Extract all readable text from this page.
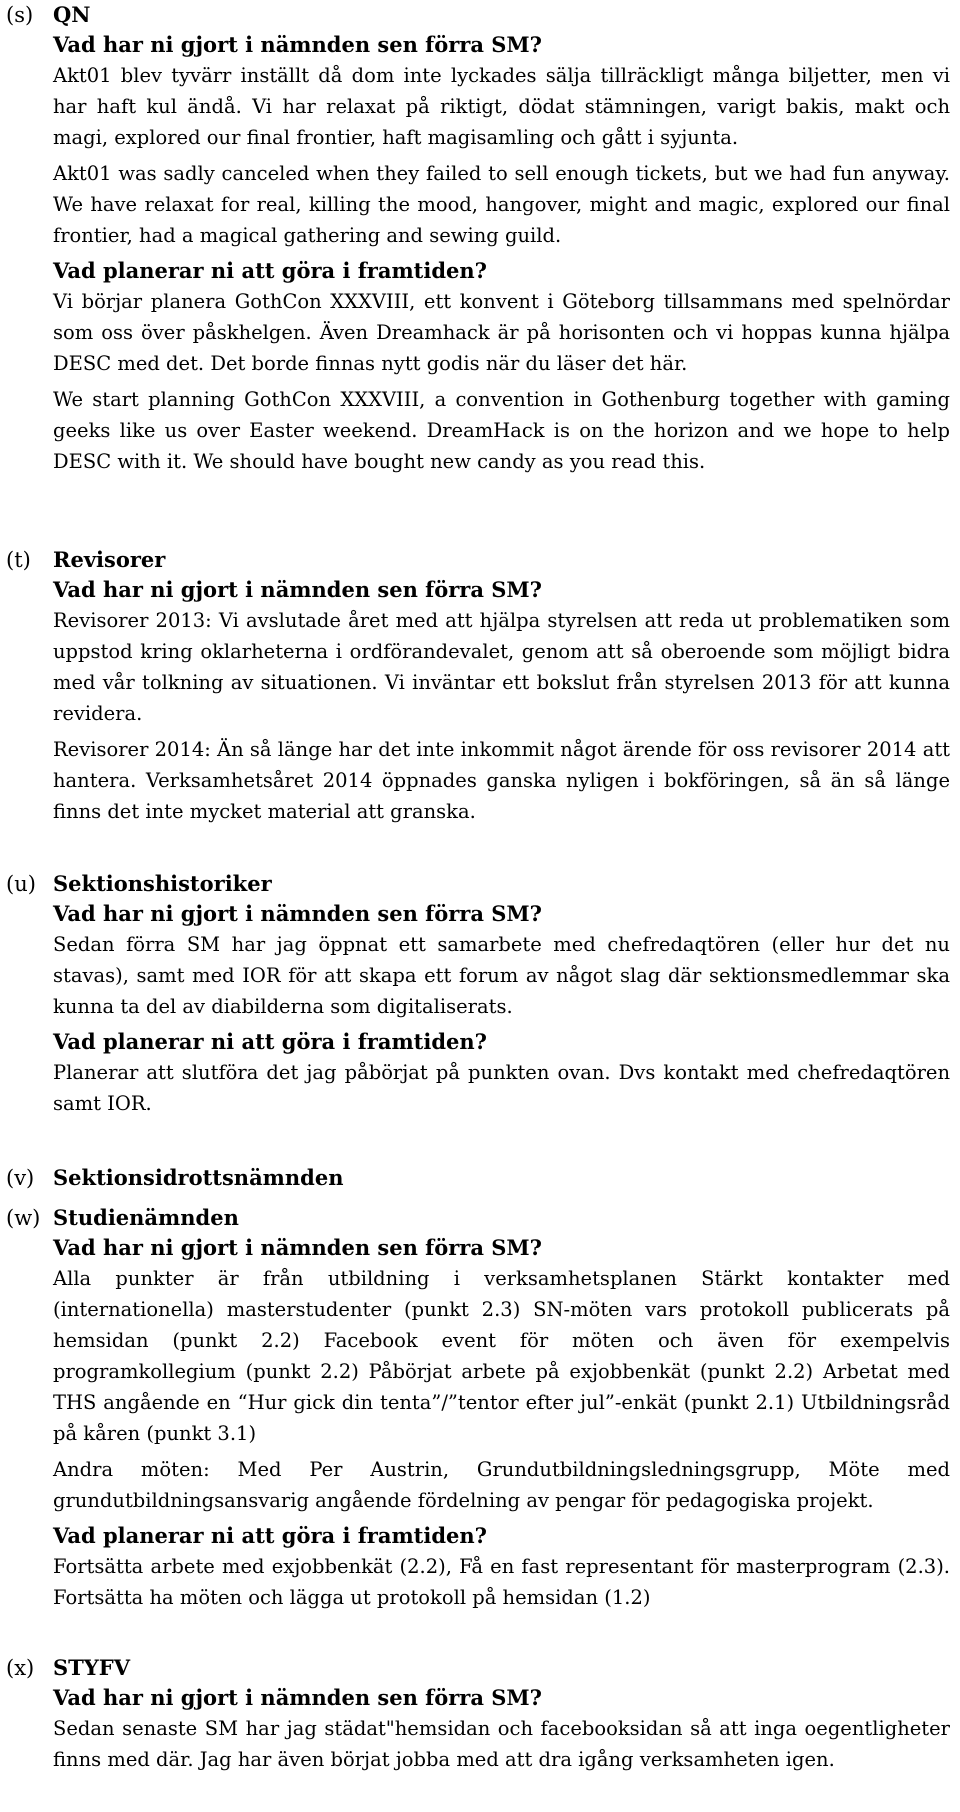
(s) QN

Vad har ni gjort i nämnden sen förra SM?

Akt01 blev tyvärr inställt då dom inte lyckades sälja tillräckligt många biljetter, men vi har haft kul ändå. Vi har relaxat på riktigt, dödat stämningen, varigt bakis, makt och magi, explored our final frontier, haft magisamling och gått i syjunta.

Akt01 was sadly canceled when they failed to sell enough tickets, but we had fun anyway. We have relaxat for real, killing the mood, hangover, might and magic, explored our final frontier, had a magical gathering and sewing guild.

Vad planerar ni att göra i framtiden?

Vi börjar planera GothCon XXXVIII, ett konvent i Göteborg tillsammans med spelnördar som oss över påskhelgen. Även Dreamhack är på horisonten och vi hoppas kunna hjälpa DESC med det. Det borde finnas nytt godis när du läser det här.

We start planning GothCon XXXVIII, a convention in Gothenburg together with gaming geeks like us over Easter weekend. DreamHack is on the horizon and we hope to help DESC with it. We should have bought new candy as you read this.

(t) Revisorer

Vad har ni gjort i nämnden sen förra SM?

Revisorer 2013: Vi avslutade året med att hjälpa styrelsen att reda ut problematiken som uppstod kring oklarheterna i ordförandevalet, genom att så oberoende som möjligt bidra med vår tolkning av situationen. Vi inväntar ett bokslut från styrelsen 2013 för att kunna revidera.

Revisorer 2014: Än så länge har det inte inkommit något ärende för oss revisorer 2014 att hantera. Verksamhetsåret 2014 öppnades ganska nyligen i bokföringen, så än så länge finns det inte mycket material att granska.

(u) Sektionshistoriker

Vad har ni gjort i nämnden sen förra SM?

Sedan förra SM har jag öppnat ett samarbete med chefredaqtören (eller hur det nu stavas), samt med IOR för att skapa ett forum av något slag där sektionsmedlemmar ska kunna ta del av diabilderna som digitaliserats.

Vad planerar ni att göra i framtiden?

Planerar att slutföra det jag påbörjat på punkten ovan. Dvs kontakt med chefredaqtören samt IOR.

(v) Sektionsidrottsnämnden
(w) Studienämnden

Vad har ni gjort i nämnden sen förra SM?

Alla punkter är från utbildning i verksamhetsplanen Stärkt kontakter med (internationella) masterstudenter (punkt 2.3) SN-möten vars protokoll publicerats på hemsidan (punkt 2.2) Facebook event för möten och även för exempelvis programkollegium (punkt 2.2) Påbörjat arbete på exjobbenkät (punkt 2.2) Arbetat med THS angående en “Hur gick din tenta”/”tentor efter jul”-enkät (punkt 2.1) Utbildningsråd på kåren (punkt 3.1)

Andra möten: Med Per Austrin, Grundutbildningsledningsgrupp, Möte med grundutbildningsansvarig angående fördelning av pengar för pedagogiska projekt.

Vad planerar ni att göra i framtiden?

Fortsätta arbete med exjobbenkät (2.2), Få en fast representant för masterprogram (2.3). Fortsätta ha möten och lägga ut protokoll på hemsidan (1.2)

(x) STYFV

Vad har ni gjort i nämnden sen förra SM?

Sedan senaste SM har jag städat"hemsidan och facebooksidan så att inga oegentligheter finns med där. Jag har även börjat jobba med att dra igång verksamheten igen.
